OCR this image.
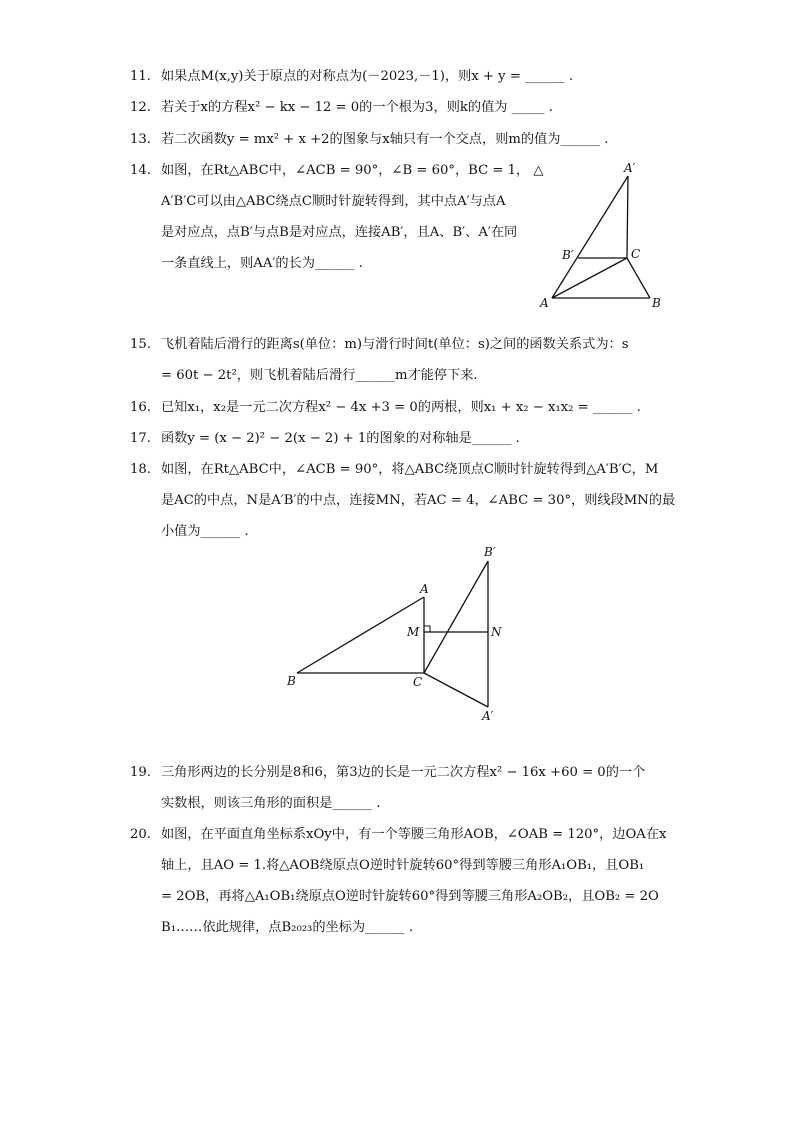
11. 如果点M(x,y)关于原点的对称点为(－2023,－1)，则x + y = ______ .
12. 若关于x的方程x² − kx − 12 = 0的一个根为3，则k的值为 _____ .
13. 若二次函数y = mx² + x +2的图象与x轴只有一个交点，则m的值为______ .
14. 如图，在Rt△ABC中，∠ACB = 90°，∠B = 60°，BC = 1， △
A′B′C可以由△ABC绕点C顺时针旋转得到，其中点A′与点A
是对应点，点B′与点B是对应点，连接AB′，且A、B′、A′在同
一条直线上，则AA′的长为______ .
A′
B′	C
A	B
15. 飞机着陆后滑行的距离s(单位：m)与滑行时间t(单位：s)之间的函数关系式为：s
= 60t − 2t²，则飞机着陆后滑行______m才能停下来.
16. 已知x₁，x₂是一元二次方程x² − 4x +3 = 0的两根，则x₁ + x₂ − x₁x₂ = ______ .
17. 函数y = (x − 2)² − 2(x − 2) + 1的图象的对称轴是______ .
18. 如图，在Rt△ABC中，∠ACB = 90°，将△ABC绕顶点C顺时针旋转得到△A′B′C，M
是AC的中点，N是A′B′的中点，连接MN，若AC = 4，∠ABC = 30°，则线段MN的最
小值为______ .
B′
A
M	N
B	C
A′
19. 三角形两边的长分别是8和6，第3边的长是一元二次方程x² − 16x +60 = 0的一个
实数根，则该三角形的面积是______ .
20. 如图，在平面直角坐标系xOy中，有一个等腰三角形AOB，∠OAB = 120°，边OA在x
轴上，且AO = 1.将△AOB绕原点O逆时针旋转60°得到等腰三角形A₁OB₁，且OB₁
= 2OB，再将△A₁OB₁绕原点O逆时针旋转60°得到等腰三角形A₂OB₂，且OB₂ = 2O
B₁……依此规律，点B₂₀₂₃的坐标为______ .
